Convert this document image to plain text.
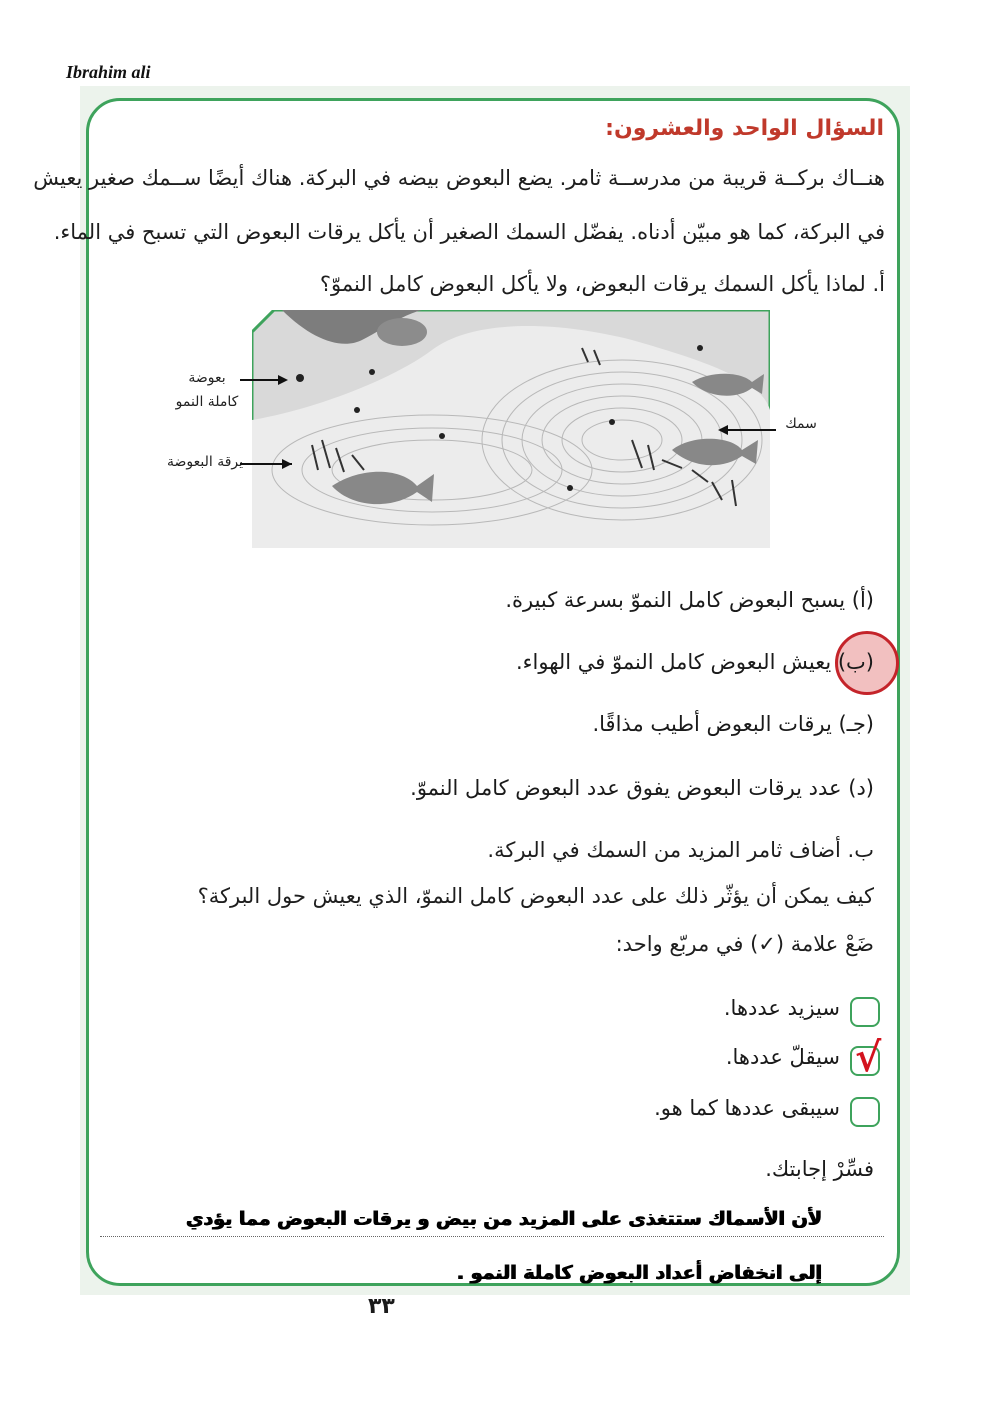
Ibrahim ali
السؤال الواحد والعشرون:
هنــاك بركــة قريبة من مدرســة ثامر. يضع البعوض بيضه في البركة. هناك أيضًا ســمك صغير يعيش
في البركة، كما هو مبيّن أدناه. يفضّل السمك الصغير أن يأكل يرقات البعوض التي تسبح في الماء.
أ. لماذا يأكل السمك يرقات البعوض، ولا يأكل البعوض كامل النموّ؟
بعوضة
كاملة النمو
يرقة البعوضة
سمك
(أ) يسبح البعوض كامل النموّ بسرعة كبيرة.
(ب) يعيش البعوض كامل النموّ في الهواء.
(جـ) يرقات البعوض أطيب مذاقًا.
(د) عدد يرقات البعوض يفوق عدد البعوض كامل النموّ.
ب. أضاف ثامر المزيد من السمك في البركة.
كيف يمكن أن يؤثّر ذلك على عدد البعوض كامل النموّ، الذي يعيش حول البركة؟
ضَعْ علامة (✓) في مربّع واحد:
√
سيزيد عددها.
سيقلّ عددها.
سيبقى عددها كما هو.
فسِّرْ إجابتك.
لأن الأسماك ستتغذى على المزيد من بيض و يرقات البعوض مما يؤدي
إلى انخفاض أعداد البعوض كاملة النمو .
٣٣
